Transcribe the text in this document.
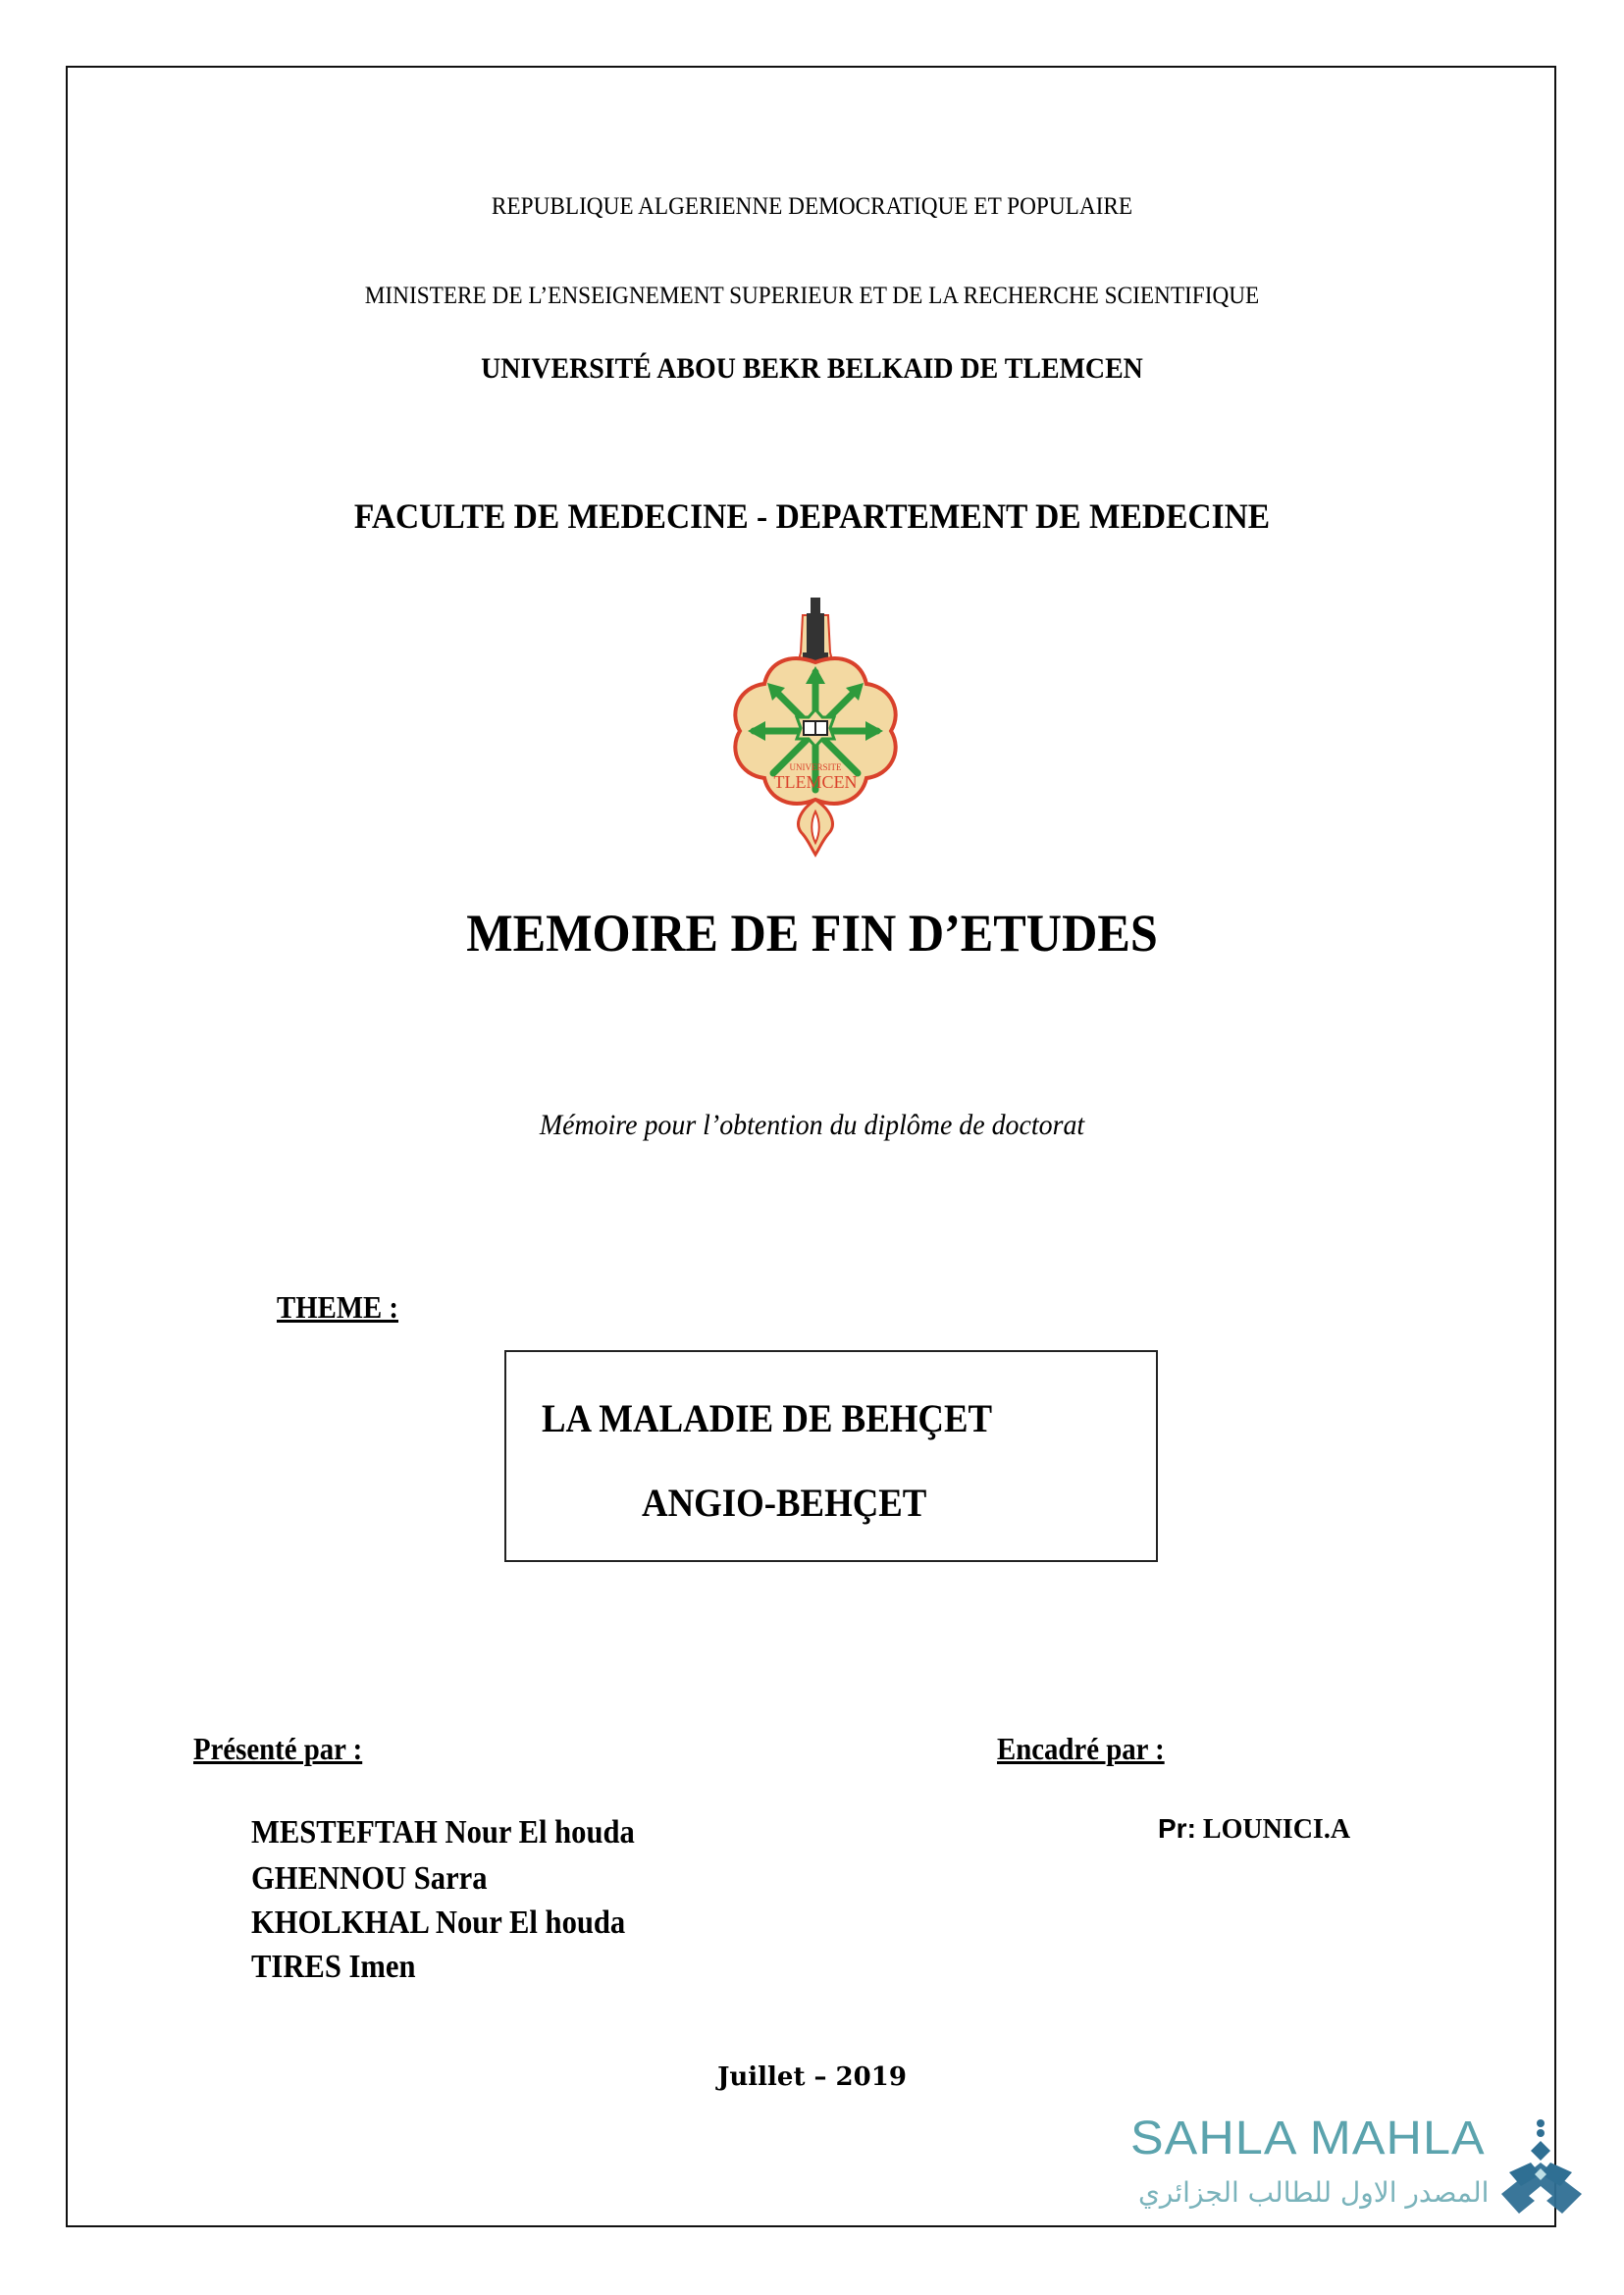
REPUBLIQUE ALGERIENNE DEMOCRATIQUE ET POPULAIRE
MINISTERE DE L’ENSEIGNEMENT SUPERIEUR ET DE LA RECHERCHE SCIENTIFIQUE
UNIVERSITÉ ABOU BEKR BELKAID DE TLEMCEN
FACULTE DE MEDECINE - DEPARTEMENT DE MEDECINE
UNIVERSITE
TLEMCEN
MEMOIRE DE FIN D’ETUDES
Mémoire pour l’obtention du diplôme de doctorat
THEME :
LA MALADIE DE BEHÇET
ANGIO-BEHÇET
Présenté par :	Encadré par :
MESTEFTAH Nour El houda
GHENNOU Sarra
KHOLKHAL Nour El houda
TIRES Imen
Pr: LOUNICI.A
Juillet – 2019
SAHLA MAHLA
المصدر الاول للطالب الجزائري
